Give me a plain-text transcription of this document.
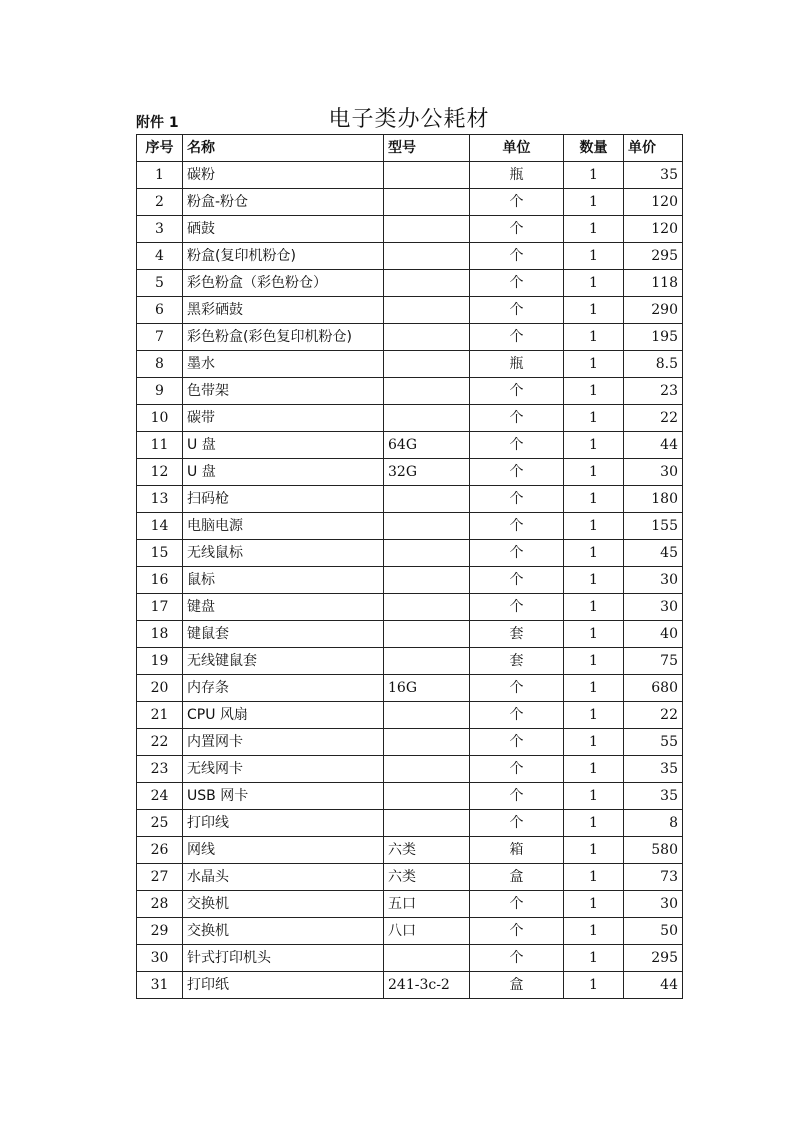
附件 1	电子类办公耗材
序号	名称	型号	单位	数量	单价
1	碳粉		瓶	1	35
2	粉盒-粉仓		个	1	120
3	硒鼓		个	1	120
4	粉盒(复印机粉仓)		个	1	295
5	彩色粉盒（彩色粉仓）		个	1	118
6	黑彩硒鼓		个	1	290
7	彩色粉盒(彩色复印机粉仓)		个	1	195
8	墨水		瓶	1	8.5
9	色带架		个	1	23
10	碳带		个	1	22
11	U 盘	64G	个	1	44
12	U 盘	32G	个	1	30
13	扫码枪		个	1	180
14	电脑电源		个	1	155
15	无线鼠标		个	1	45
16	鼠标		个	1	30
17	键盘		个	1	30
18	键鼠套		套	1	40
19	无线键鼠套		套	1	75
20	内存条	16G	个	1	680
21	CPU 风扇		个	1	22
22	内置网卡		个	1	55
23	无线网卡		个	1	35
24	USB 网卡		个	1	35
25	打印线		个	1	8
26	网线	六类	箱	1	580
27	水晶头	六类	盒	1	73
28	交换机	五口	个	1	30
29	交换机	八口	个	1	50
30	针式打印机头		个	1	295
31	打印纸	241-3c-2	盒	1	44
